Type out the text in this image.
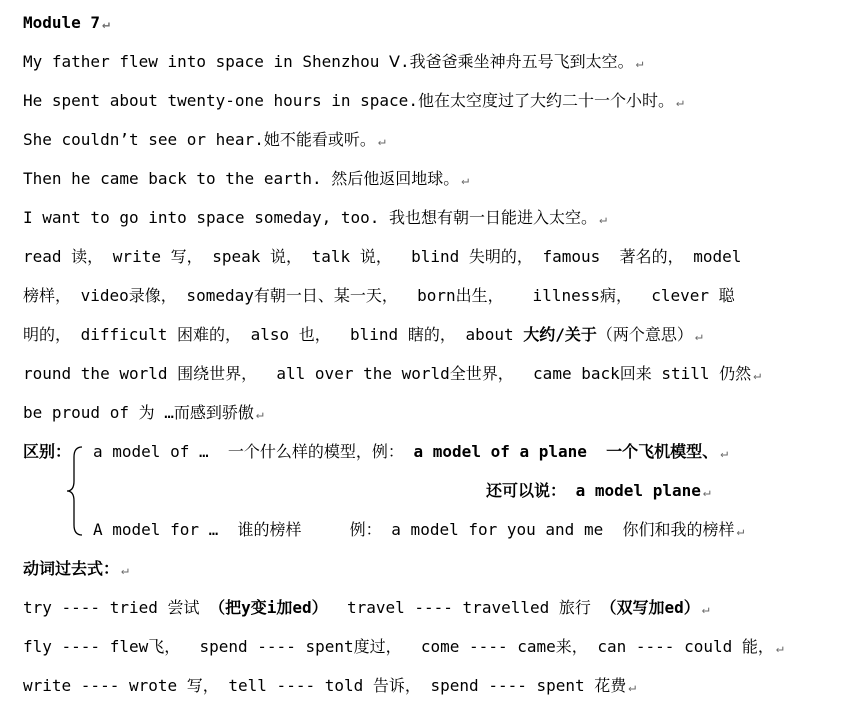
Module 7 ↵
My father flew into space in Shenzhou Ⅴ.我爸爸乘坐神舟五号飞到太空。 ↵
He spent about twenty-one hours in space.他在太空度过了大约二十一个小时。 ↵
She couldn’t see or hear.她不能看或听。 ↵
Then he came back to the earth. 然后他返回地球。 ↵
I want to go into space someday, too. 我也想有朝一日能进入太空。 ↵
read 读， write 写， speak 说， talk 说，  blind 失明的， famous  著名的， model
榜样， video录像， someday有朝一日、某一天，  born出生，   illness病，  clever 聪
明的， difficult 困难的， also 也，  blind 瞎的， about 大约/关于（两个意思） ↵
round the world 围绕世界，  all over the world全世界，  came back回来 still 仍然 ↵
be proud of 为 …而感到骄傲 ↵
区别： a model of …  一个什么样的模型，例： a model of a plane  一个飞机模型、 ↵
还可以说： a model plane ↵
A model for …  谁的榜样     例： a model for you and me  你们和我的榜样 ↵
动词过去式： ↵
try ---- tried 尝试 （把y变i加ed）  travel ---- travelled 旅行 （双写加ed） ↵
fly ---- flew飞，  spend ---- spent度过，  come ---- came来， can ---- could 能， ↵
write ---- wrote 写， tell ---- told 告诉， spend ---- spent 花费 ↵
